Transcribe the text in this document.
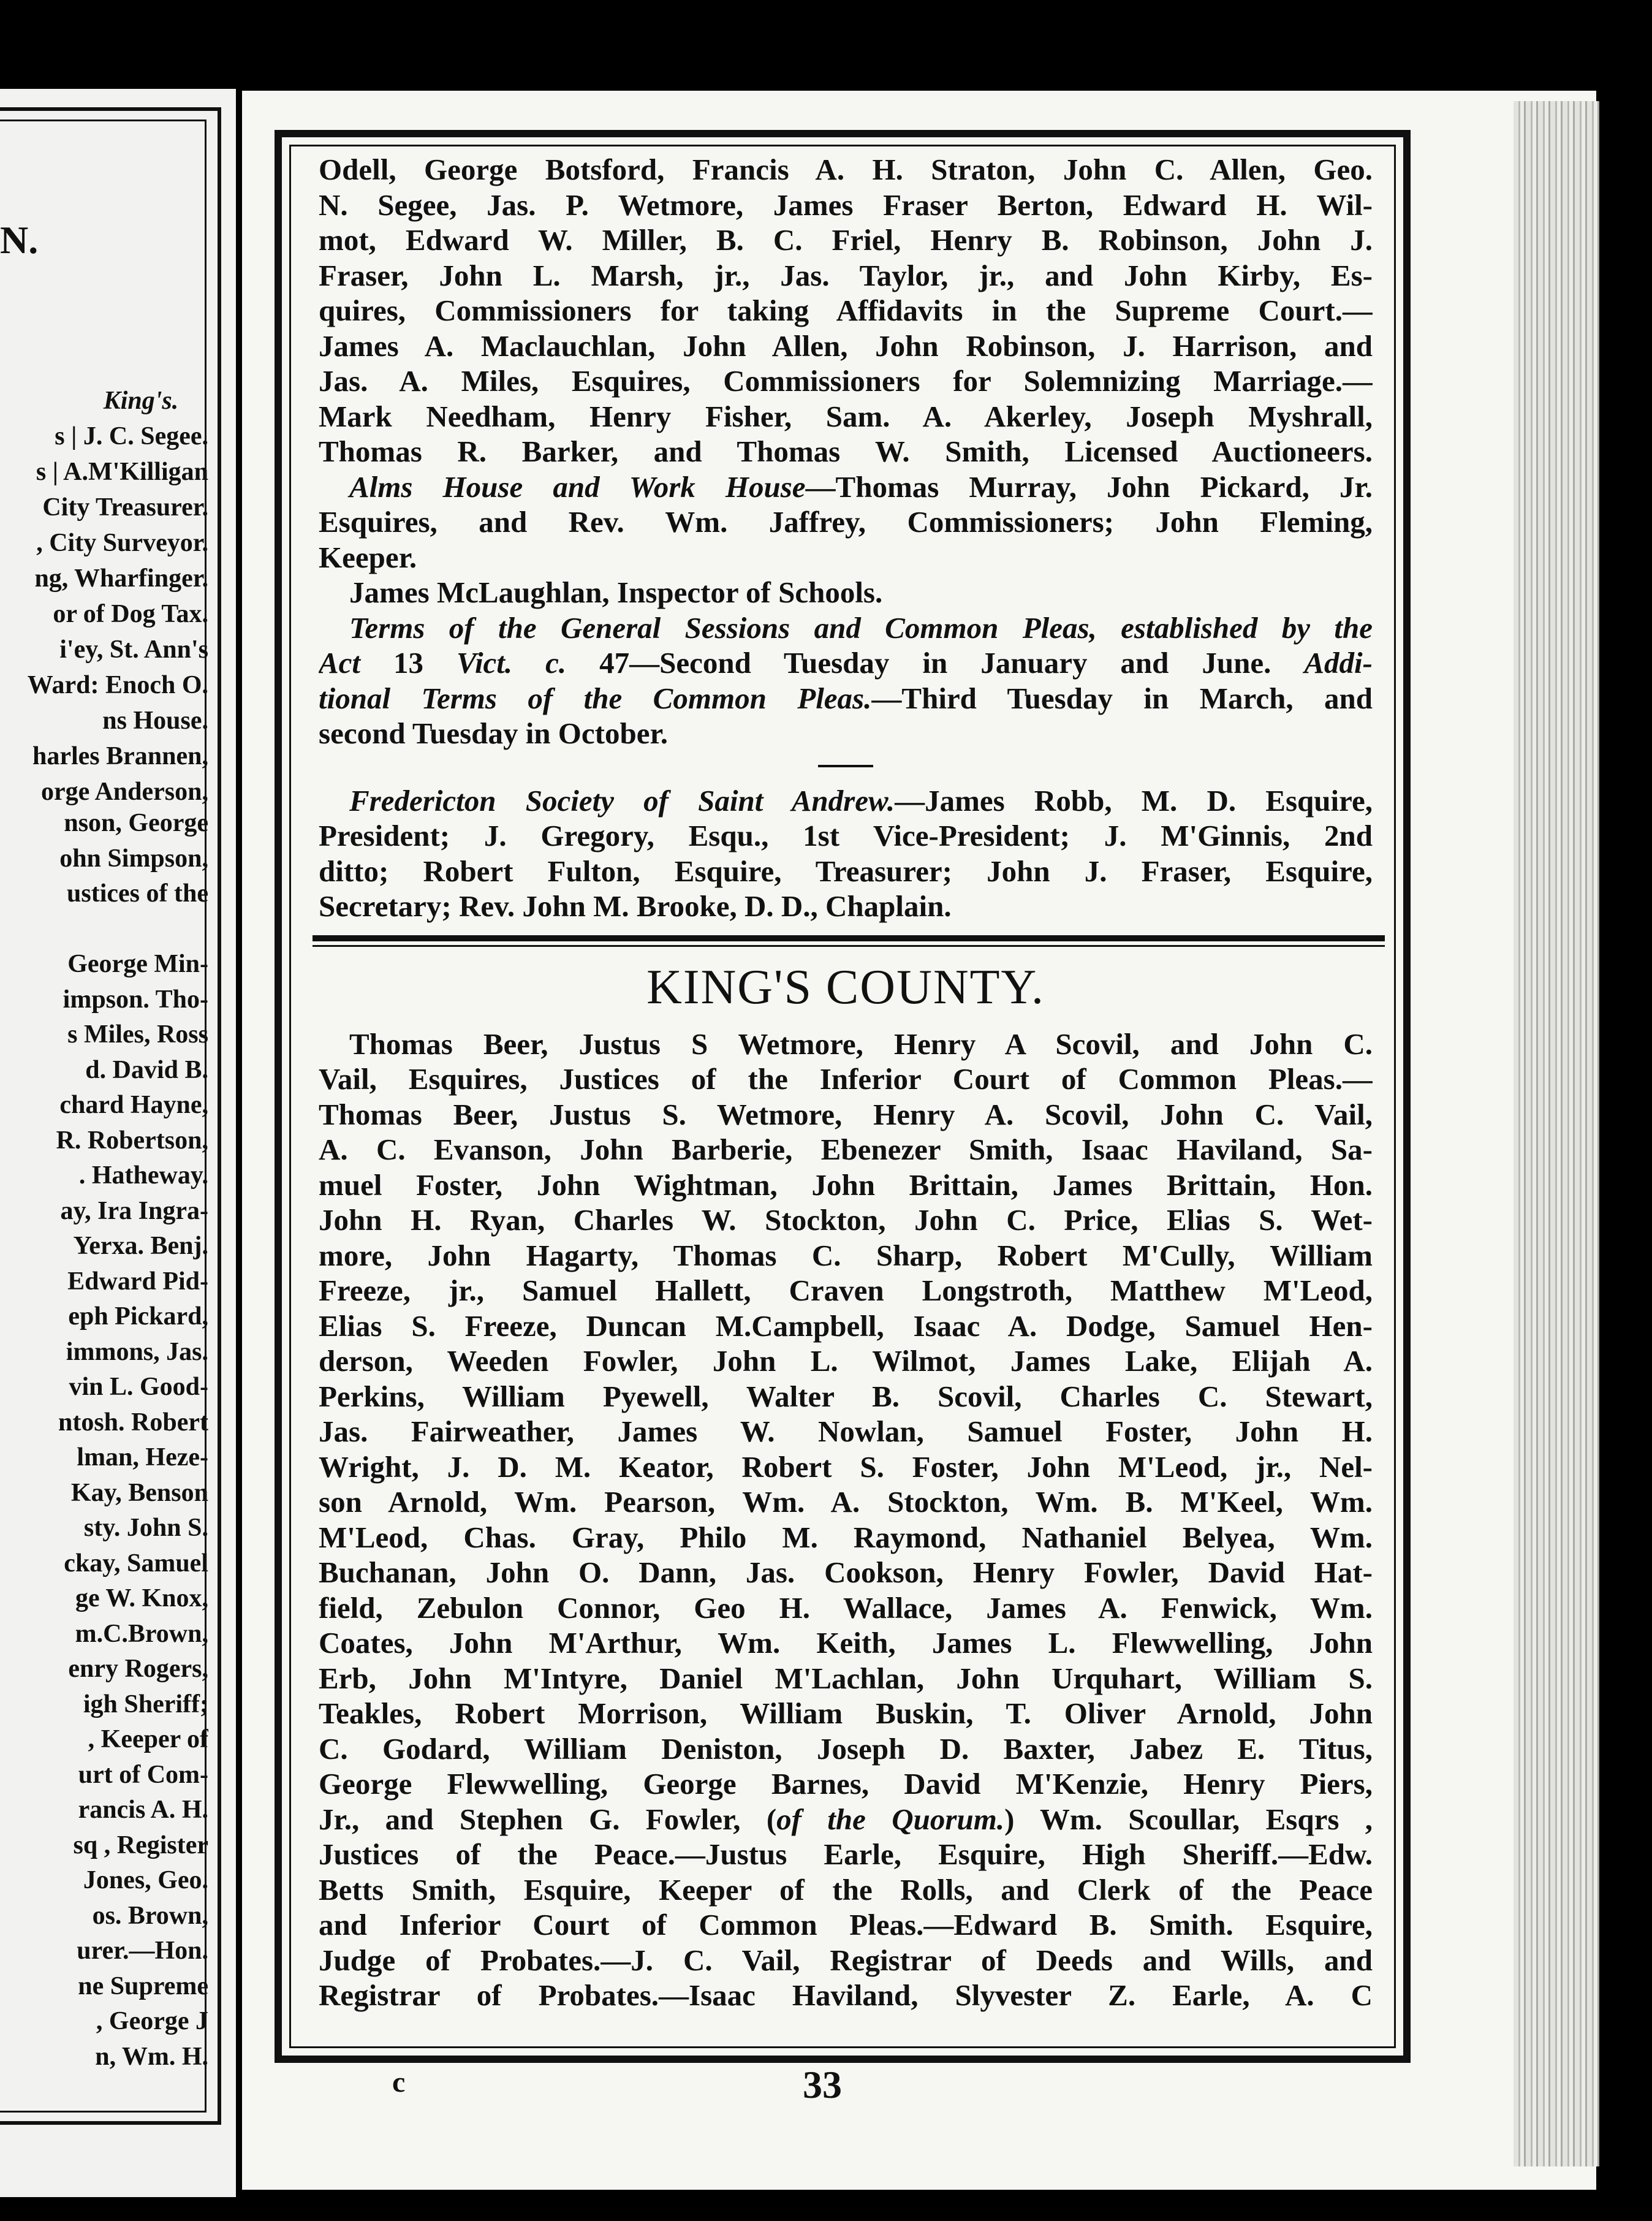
N.
King's.
s | J. C. Segee.
s | A.M'Killigan
City Treasurer.
, City Surveyor.
ng, Wharfinger.
or of Dog Tax.
i'ey, St. Ann's
Ward: Enoch O.
ns House.
harles Brannen,
orge Anderson,
nson, George
ohn Simpson,
ustices of the
George Min-
impson. Tho-
s Miles, Ross
d. David B.
chard Hayne,
R. Robertson,
. Hatheway.
ay, Ira Ingra-
Yerxa. Benj.
Edward Pid-
eph Pickard,
immons, Jas.
vin L. Good-
ntosh. Robert
lman, Heze-
Kay, Benson
sty. John S.
ckay, Samuel
ge W. Knox,
m.C.Brown,
enry Rogers,
igh Sheriff;
, Keeper of
urt of Com-
rancis A. H.
sq , Register
Jones, Geo.
os. Brown,
urer.—Hon.
ne Supreme
, George J
n, Wm. H.
Odell, George Botsford, Francis A. H. Straton, John C. Allen, Geo.
N. Segee, Jas. P. Wetmore, James Fraser Berton, Edward H. Wil-
mot, Edward W. Miller, B. C. Friel, Henry B. Robinson, John J.
Fraser, John L. Marsh, jr., Jas. Taylor, jr., and John Kirby, Es-
quires, Commissioners for taking Affidavits in the Supreme Court.—
James A. Maclauchlan, John Allen, John Robinson, J. Harrison, and
Jas. A. Miles, Esquires, Commissioners for Solemnizing Marriage.—
Mark Needham, Henry Fisher, Sam. A. Akerley, Joseph Myshrall,
Thomas R. Barker, and Thomas W. Smith, Licensed Auctioneers.
Alms House and Work House—Thomas Murray, John Pickard, Jr.
Esquires, and Rev. Wm. Jaffrey, Commissioners; John Fleming,
Keeper.
James McLaughlan, Inspector of Schools.
Terms of the General Sessions and Common Pleas, established by the
Act 13 Vict. c. 47—Second Tuesday in January and June. Addi-
tional Terms of the Common Pleas.—Third Tuesday in March, and
second Tuesday in October.
Fredericton Society of Saint Andrew.—James Robb, M. D. Esquire,
President; J. Gregory, Esqu., 1st Vice-President; J. M'Ginnis, 2nd
ditto; Robert Fulton, Esquire, Treasurer; John J. Fraser, Esquire,
Secretary; Rev. John M. Brooke, D. D., Chaplain.
KING'S COUNTY.
Thomas Beer, Justus S Wetmore, Henry A Scovil, and John C.
Vail, Esquires, Justices of the Inferior Court of Common Pleas.—
Thomas Beer, Justus S. Wetmore, Henry A. Scovil, John C. Vail,
A. C. Evanson, John Barberie, Ebenezer Smith, Isaac Haviland, Sa-
muel Foster, John Wightman, John Brittain, James Brittain, Hon.
John H. Ryan, Charles W. Stockton, John C. Price, Elias S. Wet-
more, John Hagarty, Thomas C. Sharp, Robert M'Cully, William
Freeze, jr., Samuel Hallett, Craven Longstroth, Matthew M'Leod,
Elias S. Freeze, Duncan M.Campbell, Isaac A. Dodge, Samuel Hen-
derson, Weeden Fowler, John L. Wilmot, James Lake, Elijah A.
Perkins, William Pyewell, Walter B. Scovil, Charles C. Stewart,
Jas. Fairweather, James W. Nowlan, Samuel Foster, John H.
Wright, J. D. M. Keator, Robert S. Foster, John M'Leod, jr., Nel-
son Arnold, Wm. Pearson, Wm. A. Stockton, Wm. B. M'Keel, Wm.
M'Leod, Chas. Gray, Philo M. Raymond, Nathaniel Belyea, Wm.
Buchanan, John O. Dann, Jas. Cookson, Henry Fowler, David Hat-
field, Zebulon Connor, Geo H. Wallace, James A. Fenwick, Wm.
Coates, John M'Arthur, Wm. Keith, James L. Flewwelling, John
Erb, John M'Intyre, Daniel M'Lachlan, John Urquhart, William S.
Teakles, Robert Morrison, William Buskin, T. Oliver Arnold, John
C. Godard, William Deniston, Joseph D. Baxter, Jabez E. Titus,
George Flewwelling, George Barnes, David M'Kenzie, Henry Piers,
Jr., and Stephen G. Fowler, (of the Quorum.) Wm. Scoullar, Esqrs ,
Justices of the Peace.—Justus Earle, Esquire, High Sheriff.—Edw.
Betts Smith, Esquire, Keeper of the Rolls, and Clerk of the Peace
and Inferior Court of Common Pleas.—Edward B. Smith. Esquire,
Judge of Probates.—J. C. Vail, Registrar of Deeds and Wills, and
Registrar of Probates.—Isaac Haviland, Slyvester Z. Earle, A. C
c	33
